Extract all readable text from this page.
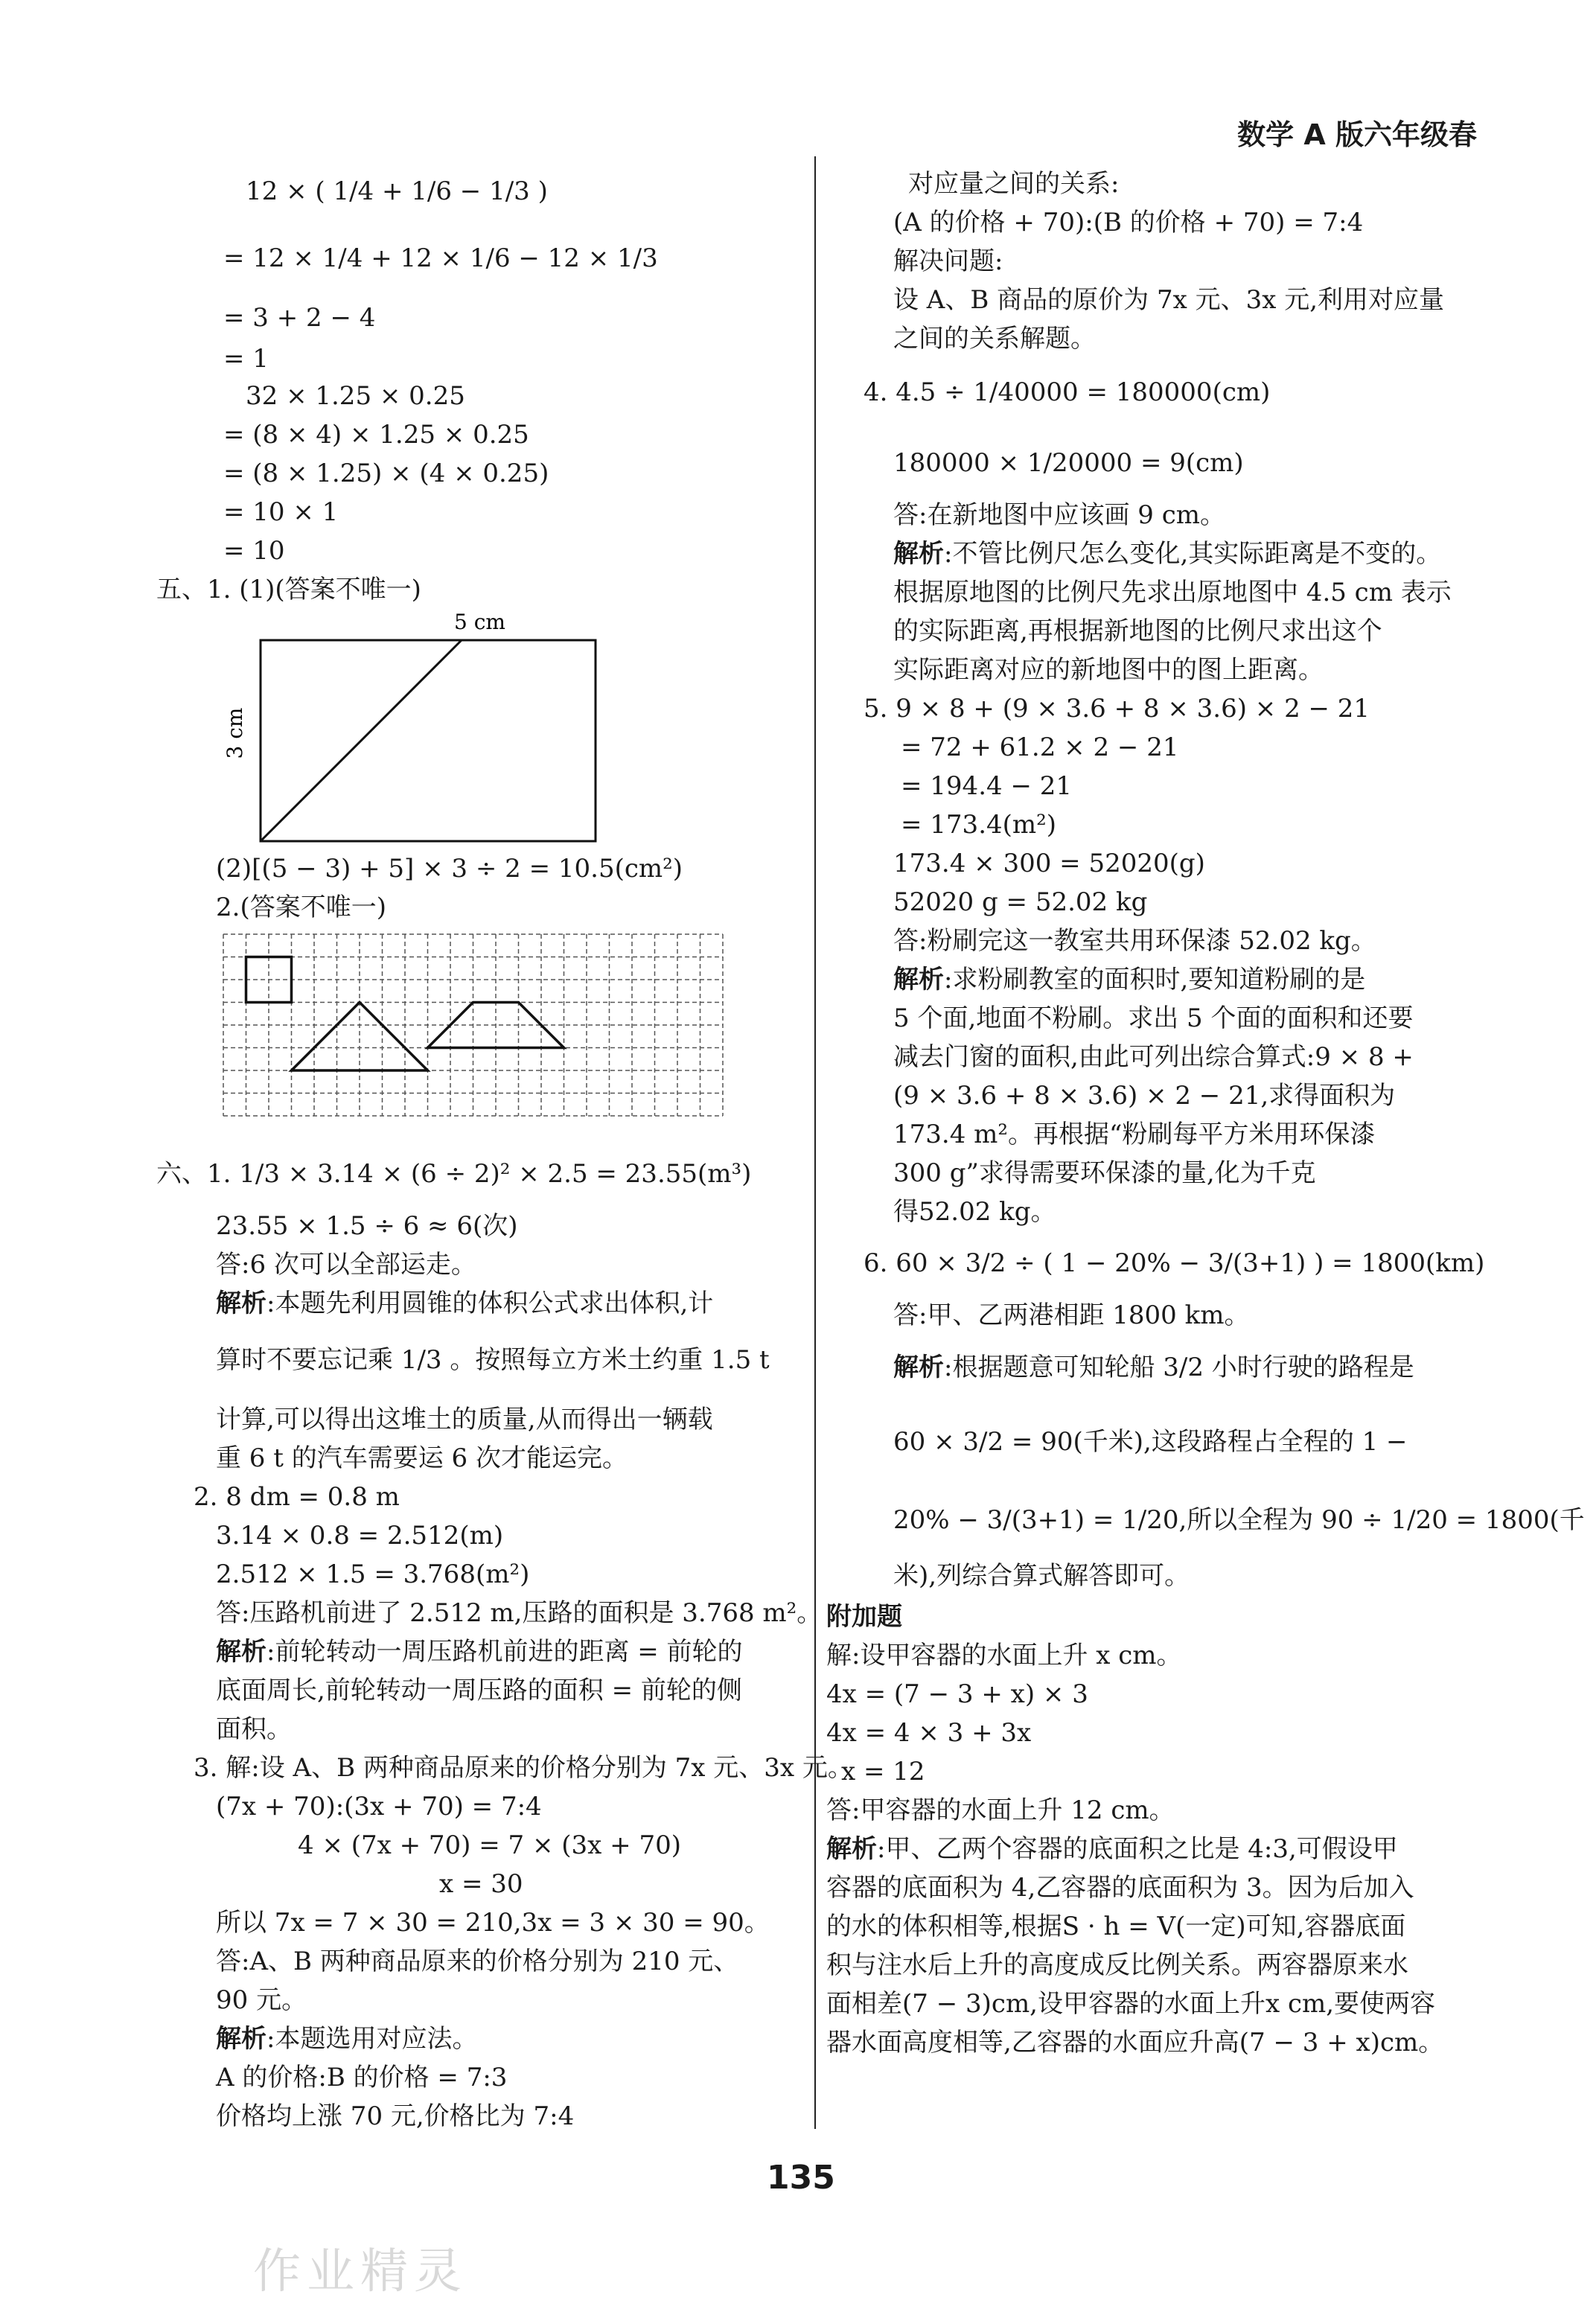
数学 A 版六年级春
12 × ( 1/4 + 1/6 − 1/3 )
= 12 × 1/4 + 12 × 1/6 − 12 × 1/3
= 3 + 2 − 4
= 1
32 × 1.25 × 0.25
= (8 × 4) × 1.25 × 0.25
= (8 × 1.25) × (4 × 0.25)
= 10 × 1
= 10
五、1. (1)(答案不唯一)
5 cm
3 cm
(2)[(5 − 3) + 5] × 3 ÷ 2 = 10.5(cm²)
2.(答案不唯一)
六、1. 1/3 × 3.14 × (6 ÷ 2)² × 2.5 = 23.55(m³)
23.55 × 1.5 ÷ 6 ≈ 6(次)
答:6 次可以全部运走。
解析:本题先利用圆锥的体积公式求出体积,计
算时不要忘记乘 1/3 。按照每立方米土约重 1.5 t
计算,可以得出这堆土的质量,从而得出一辆载
重 6 t 的汽车需要运 6 次才能运完。
2. 8 dm = 0.8 m
3.14 × 0.8 = 2.512(m)
2.512 × 1.5 = 3.768(m²)
答:压路机前进了 2.512 m,压路的面积是 3.768 m²。
解析:前轮转动一周压路机前进的距离 = 前轮的
底面周长,前轮转动一周压路的面积 = 前轮的侧
面积。
3. 解:设 A、B 两种商品原来的价格分别为 7x 元、3x 元。
(7x + 70):(3x + 70) = 7:4
4 × (7x + 70) = 7 × (3x + 70)
x = 30
所以 7x = 7 × 30 = 210,3x = 3 × 30 = 90。
答:A、B 两种商品原来的价格分别为 210 元、
90 元。
解析:本题选用对应法。
A 的价格:B 的价格 = 7:3
价格均上涨 70 元,价格比为 7:4
对应量之间的关系:
(A 的价格 + 70):(B 的价格 + 70) = 7:4
解决问题:
设 A、B 商品的原价为 7x 元、3x 元,利用对应量
之间的关系解题。
4. 4.5 ÷ 1/40000 = 180000(cm)
180000 × 1/20000 = 9(cm)
答:在新地图中应该画 9 cm。
解析:不管比例尺怎么变化,其实际距离是不变的。
根据原地图的比例尺先求出原地图中 4.5 cm 表示
的实际距离,再根据新地图的比例尺求出这个
实际距离对应的新地图中的图上距离。
5. 9 × 8 + (9 × 3.6 + 8 × 3.6) × 2 − 21
= 72 + 61.2 × 2 − 21
= 194.4 − 21
= 173.4(m²)
173.4 × 300 = 52020(g)
52020 g = 52.02 kg
答:粉刷完这一教室共用环保漆 52.02 kg。
解析:求粉刷教室的面积时,要知道粉刷的是
5 个面,地面不粉刷。求出 5 个面的面积和还要
减去门窗的面积,由此可列出综合算式:9 × 8 +
(9 × 3.6 + 8 × 3.6) × 2 − 21,求得面积为
173.4 m²。再根据“粉刷每平方米用环保漆
300 g”求得需要环保漆的量,化为千克
得52.02 kg。
6. 60 × 3/2 ÷ ( 1 − 20% − 3/(3+1) ) = 1800(km)
答:甲、乙两港相距 1800 km。
解析:根据题意可知轮船 3/2 小时行驶的路程是
60 × 3/2 = 90(千米),这段路程占全程的 1 −
20% − 3/(3+1) = 1/20,所以全程为 90 ÷ 1/20 = 1800(千
米),列综合算式解答即可。
附加题
解:设甲容器的水面上升 x cm。
4x = (7 − 3 + x) × 3
4x = 4 × 3 + 3x
x = 12
答:甲容器的水面上升 12 cm。
解析:甲、乙两个容器的底面积之比是 4:3,可假设甲
容器的底面积为 4,乙容器的底面积为 3。因为后加入
的水的体积相等,根据S · h = V(一定)可知,容器底面
积与注水后上升的高度成反比例关系。两容器原来水
面相差(7 − 3)cm,设甲容器的水面上升x cm,要使两容
器水面高度相等,乙容器的水面应升高(7 − 3 + x)cm。
135
作业精灵
